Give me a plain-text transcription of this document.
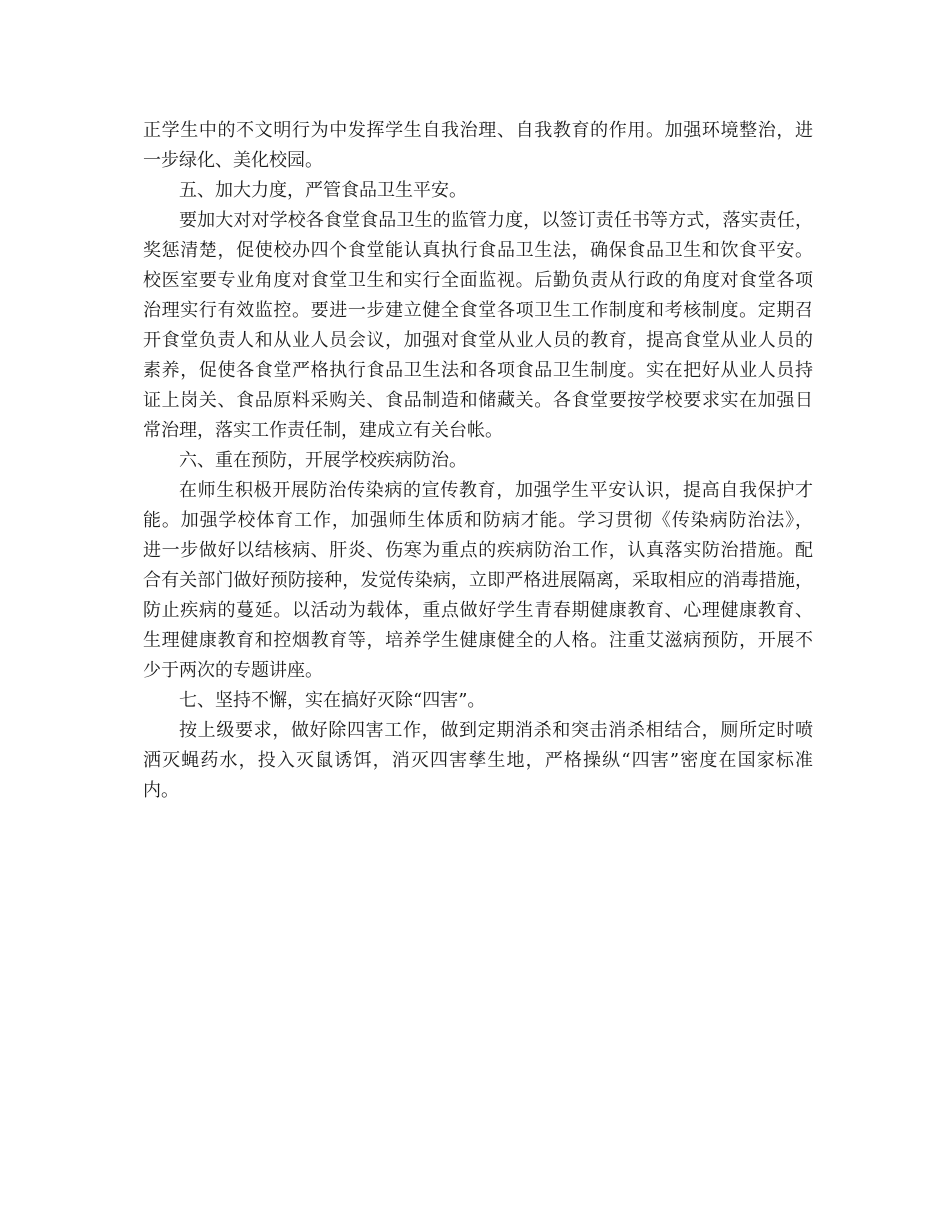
正学生中的不文明行为中发挥学生自我治理、自我教育的作用。加强环境整治，进
一步绿化、美化校园。
五、加大力度，严管食品卫生平安。
要加大对对学校各食堂食品卫生的监管力度，以签订责任书等方式，落实责任，
奖惩清楚，促使校办四个食堂能认真执行食品卫生法，确保食品卫生和饮食平安。
校医室要专业角度对食堂卫生和实行全面监视。后勤负责从行政的角度对食堂各项
治理实行有效监控。要进一步建立健全食堂各项卫生工作制度和考核制度。定期召
开食堂负责人和从业人员会议，加强对食堂从业人员的教育，提高食堂从业人员的
素养，促使各食堂严格执行食品卫生法和各项食品卫生制度。实在把好从业人员持
证上岗关、食品原料采购关、食品制造和储藏关。各食堂要按学校要求实在加强日
常治理，落实工作责任制，建成立有关台帐。
六、重在预防，开展学校疾病防治。
在师生积极开展防治传染病的宣传教育，加强学生平安认识，提高自我保护才
能。加强学校体育工作，加强师生体质和防病才能。学习贯彻《传染病防治法》，
进一步做好以结核病、肝炎、伤寒为重点的疾病防治工作，认真落实防治措施。配
合有关部门做好预防接种，发觉传染病，立即严格进展隔离，采取相应的消毒措施，
防止疾病的蔓延。以活动为载体，重点做好学生青春期健康教育、心理健康教育、
生理健康教育和控烟教育等，培养学生健康健全的人格。注重艾滋病预防，开展不
少于两次的专题讲座。
七、坚持不懈，实在搞好灭除“四害”。
按上级要求，做好除四害工作，做到定期消杀和突击消杀相结合，厕所定时喷
洒灭蝇药水，投入灭鼠诱饵，消灭四害孳生地，严格操纵“四害”密度在国家标准
内。
